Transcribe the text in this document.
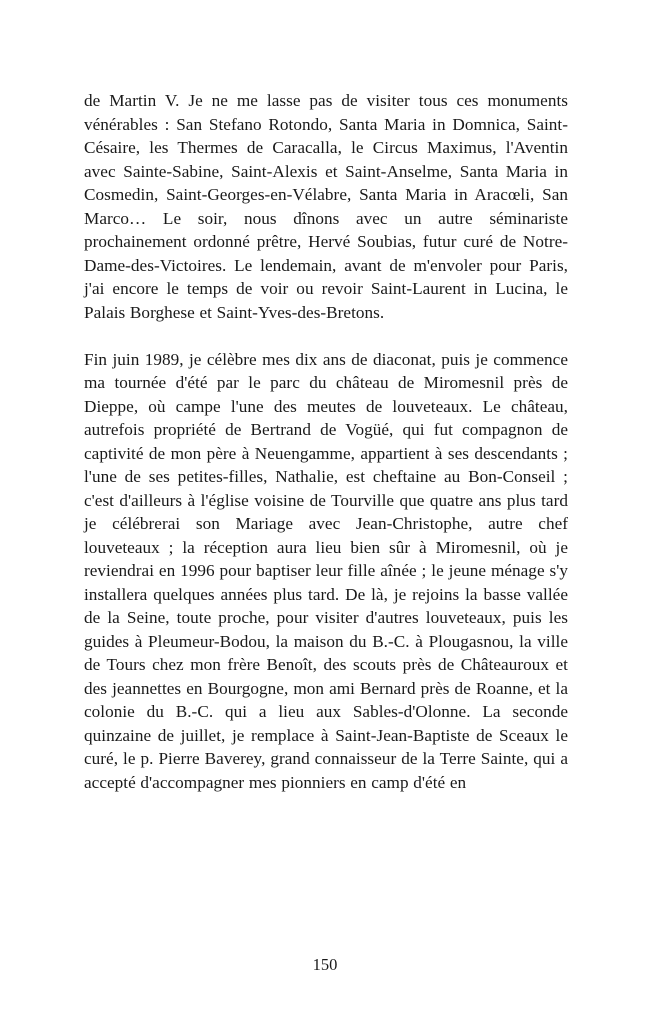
de Martin V. Je ne me lasse pas de visiter tous ces monuments vénérables : San Stefano Rotondo, Santa Maria in Domnica, Saint-Césaire, les Thermes de Caracalla, le Circus Maximus, l'Aventin avec Sainte-Sabine, Saint-Alexis et Saint-Anselme, Santa Maria in Cosmedin, Saint-Georges-en-Vélabre, Santa Maria in Aracœli, San Marco… Le soir, nous dînons avec un autre séminariste prochainement ordonné prêtre, Hervé Soubias, futur curé de Notre-Dame-des-Victoires. Le lendemain, avant de m'envoler pour Paris, j'ai encore le temps de voir ou revoir Saint-Laurent in Lucina, le Palais Borghese et Saint-Yves-des-Bretons.

Fin juin 1989, je célèbre mes dix ans de diaconat, puis je commence ma tournée d'été par le parc du château de Miromesnil près de Dieppe, où campe l'une des meutes de louveteaux. Le château, autrefois propriété de Bertrand de Vogüé, qui fut compagnon de captivité de mon père à Neuengamme, appartient à ses descendants ; l'une de ses petites-filles, Nathalie, est cheftaine au Bon-Conseil ; c'est d'ailleurs à l'église voisine de Tourville que quatre ans plus tard je célébrerai son Mariage avec Jean-Christophe, autre chef louveteaux ; la réception aura lieu bien sûr à Miromesnil, où je reviendrai en 1996 pour baptiser leur fille aînée ; le jeune ménage s'y installera quelques années plus tard. De là, je rejoins la basse vallée de la Seine, toute proche, pour visiter d'autres louveteaux, puis les guides à Pleumeur-Bodou, la maison du B.-C. à Plougasnou, la ville de Tours chez mon frère Benoît, des scouts près de Châteauroux et des jeannettes en Bourgogne, mon ami Bernard près de Roanne, et la colonie du B.-C. qui a lieu aux Sables-d'Olonne. La seconde quinzaine de juillet, je remplace à Saint-Jean-Baptiste de Sceaux le curé, le p. Pierre Baverey, grand connaisseur de la Terre Sainte, qui a accepté d'accompagner mes pionniers en camp d'été en

150
